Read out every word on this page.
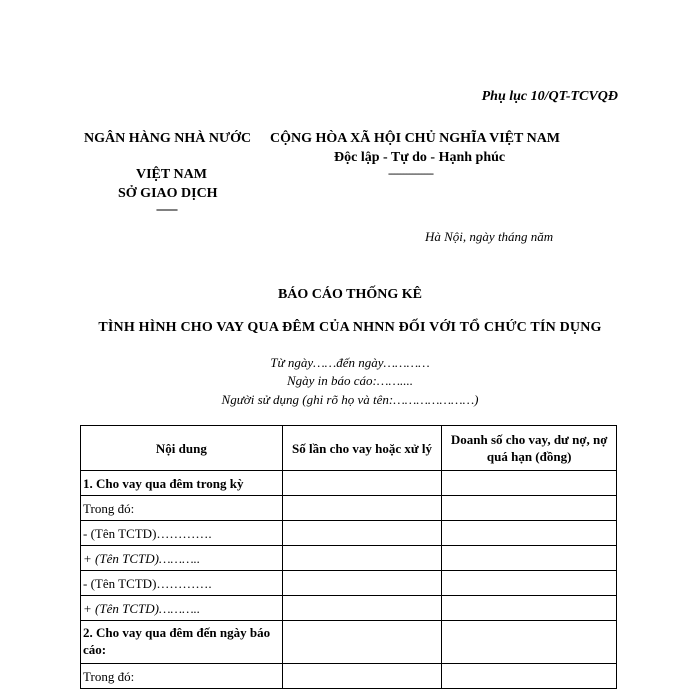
Phụ lục 10/QT-TCVQĐ
NGÂN HÀNG NHÀ NƯỚC
VIỆT NAM
SỞ GIAO DỊCH
-------
CỘNG HÒA XÃ HỘI CHỦ NGHĨA VIỆT NAM
Độc lập - Tự do - Hạnh phúc
---------------
Hà Nội, ngày tháng năm
BÁO CÁO THỐNG KÊ
TÌNH HÌNH CHO VAY QUA ĐÊM CỦA NHNN ĐỐI VỚI TỔ CHỨC TÍN DỤNG
Từ ngày……đến ngày…………
Ngày in báo cáo:……....
Người sử dụng (ghi rõ họ và tên:…………………)
Nội dung	Số lần cho vay hoặc xử lý	Doanh số cho vay, dư nợ, nợ quá hạn (đồng)
1. Cho vay qua đêm trong kỳ		
Trong đó:		
- (Tên TCTD)………….		
+ (Tên TCTD)………..		
- (Tên TCTD)………….		
+ (Tên TCTD)………..		
2. Cho vay qua đêm đến ngày báo cáo:		
Trong đó:		
